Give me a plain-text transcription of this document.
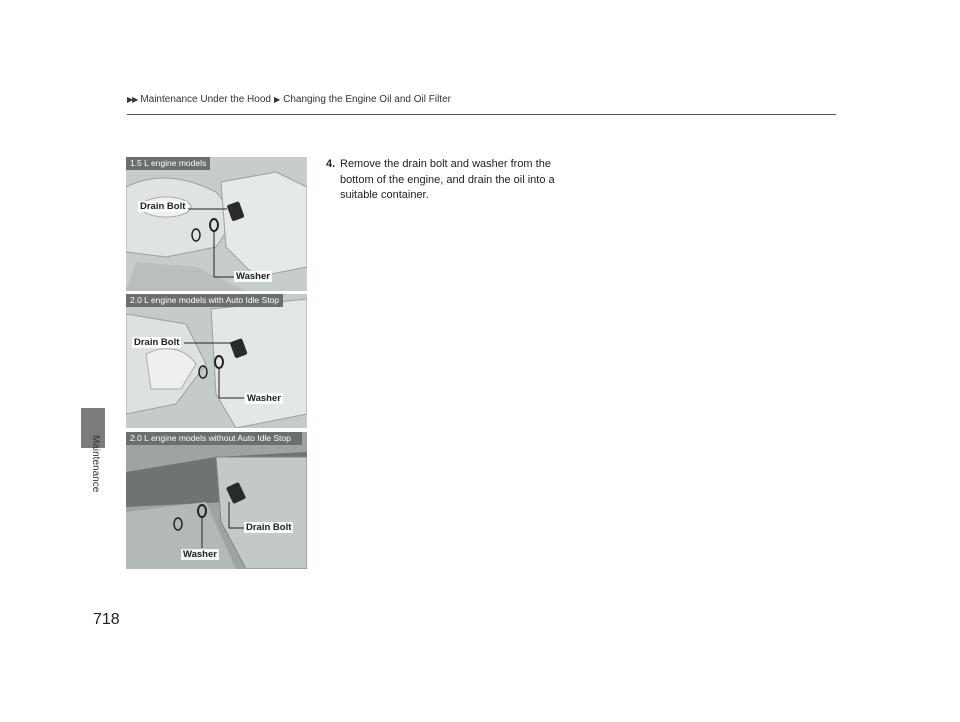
▶▶ Maintenance Under the Hood ▶ Changing the Engine Oil and Oil Filter
Maintenance
718
1.5 L engine models
Drain Bolt
Washer
2.0 L engine models with Auto Idle Stop
Drain Bolt
Washer
2.0 L engine models without Auto Idle Stop
Drain Bolt
Washer
4. Remove the drain bolt and washer from the bottom of the engine, and drain the oil into a suitable container.
